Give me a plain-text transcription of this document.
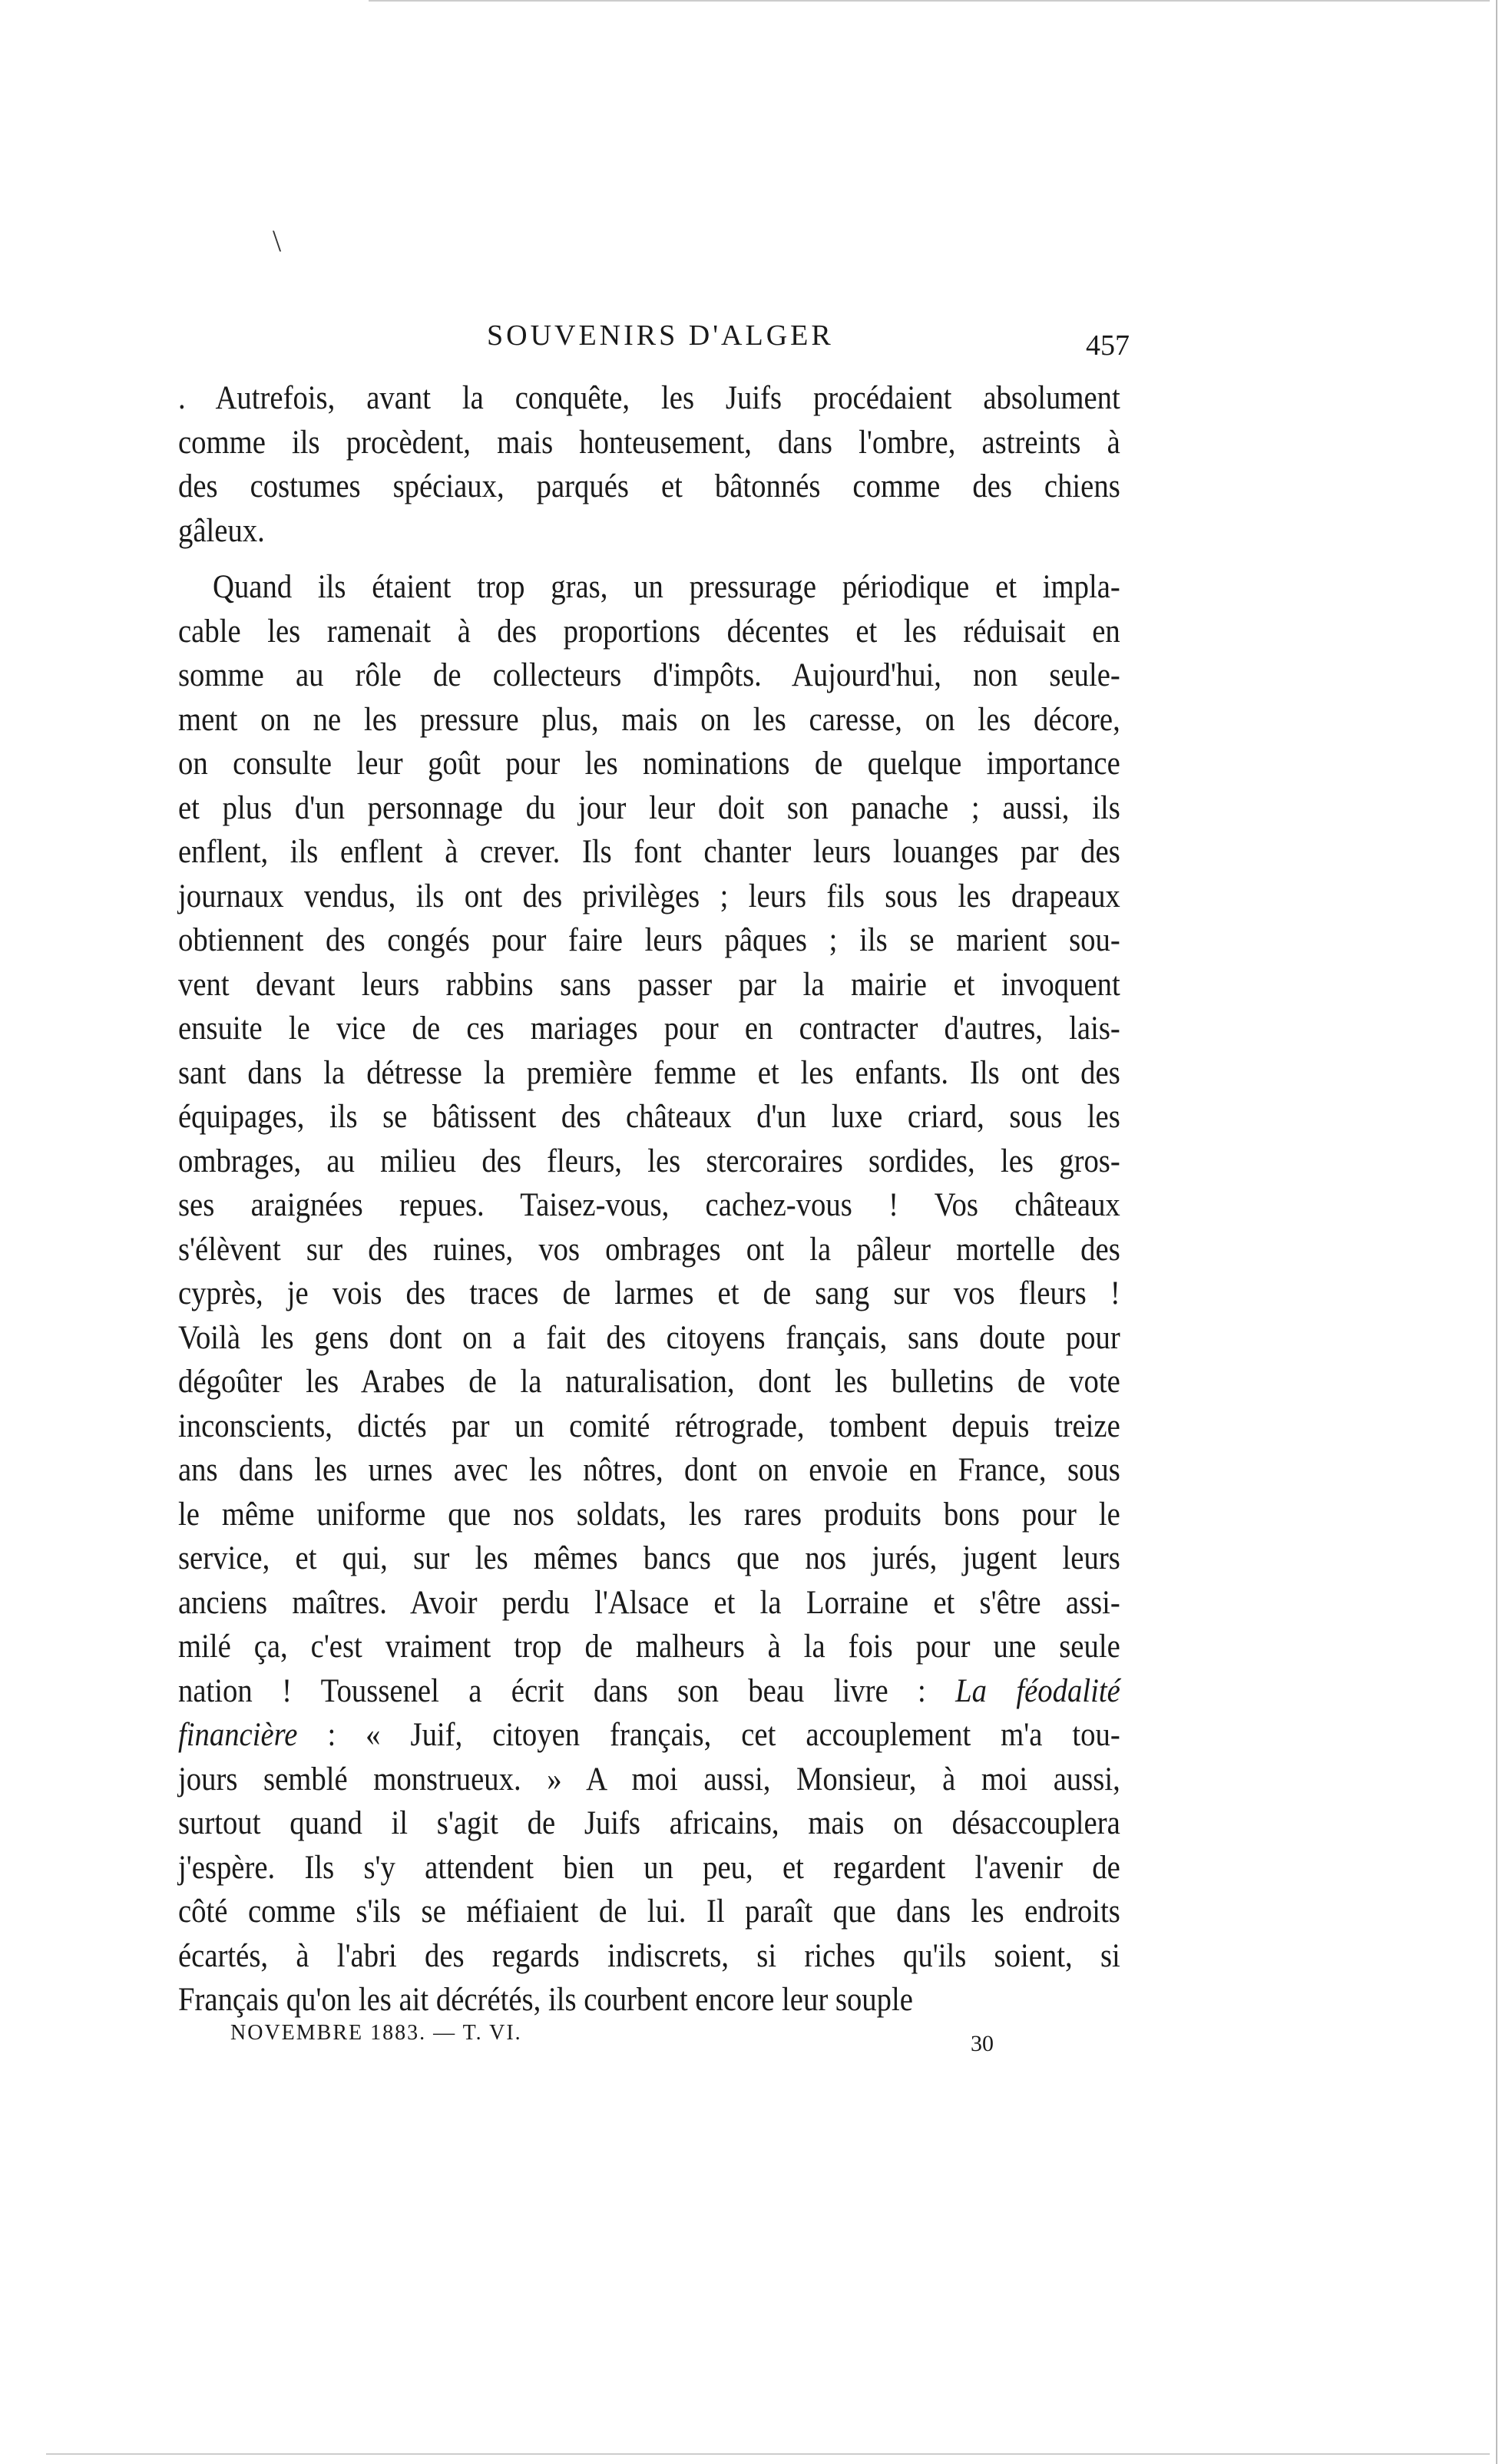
\
SOUVENIRS D'ALGER	457
. Autrefois, avant la conquête, les Juifs procédaient absolument
comme ils procèdent, mais honteusement, dans l'ombre, astreints à
des costumes spéciaux, parqués et bâtonnés comme des chiens
gâleux.
Quand ils étaient trop gras, un pressurage périodique et impla-
cable les ramenait à des proportions décentes et les réduisait en
somme au rôle de collecteurs d'impôts. Aujourd'hui, non seule-
ment on ne les pressure plus, mais on les caresse, on les décore,
on consulte leur goût pour les nominations de quelque importance
et plus d'un personnage du jour leur doit son panache ; aussi, ils
enflent, ils enflent à crever. Ils font chanter leurs louanges par des
journaux vendus, ils ont des privilèges ; leurs fils sous les drapeaux
obtiennent des congés pour faire leurs pâques ; ils se marient sou-
vent devant leurs rabbins sans passer par la mairie et invoquent
ensuite le vice de ces mariages pour en contracter d'autres, lais-
sant dans la détresse la première femme et les enfants. Ils ont des
équipages, ils se bâtissent des châteaux d'un luxe criard, sous les
ombrages, au milieu des fleurs, les stercoraires sordides, les gros-
ses araignées repues. Taisez-vous, cachez-vous ! Vos châteaux
s'élèvent sur des ruines, vos ombrages ont la pâleur mortelle des
cyprès, je vois des traces de larmes et de sang sur vos fleurs !
Voilà les gens dont on a fait des citoyens français, sans doute pour
dégoûter les Arabes de la naturalisation, dont les bulletins de vote
inconscients, dictés par un comité rétrograde, tombent depuis treize
ans dans les urnes avec les nôtres, dont on envoie en France, sous
le même uniforme que nos soldats, les rares produits bons pour le
service, et qui, sur les mêmes bancs que nos jurés, jugent leurs
anciens maîtres. Avoir perdu l'Alsace et la Lorraine et s'être assi-
milé ça, c'est vraiment trop de malheurs à la fois pour une seule
nation ! Toussenel a écrit dans son beau livre : La féodalité
financière : « Juif, citoyen français, cet accouplement m'a tou-
jours semblé monstrueux. » A moi aussi, Monsieur, à moi aussi,
surtout quand il s'agit de Juifs africains, mais on désaccouplera
j'espère. Ils s'y attendent bien un peu, et regardent l'avenir de
côté comme s'ils se méfiaient de lui. Il paraît que dans les endroits
écartés, à l'abri des regards indiscrets, si riches qu'ils soient, si
Français qu'on les ait décrétés, ils courbent encore leur souple
NOVEMBRE 1883. — T. VI.	30
